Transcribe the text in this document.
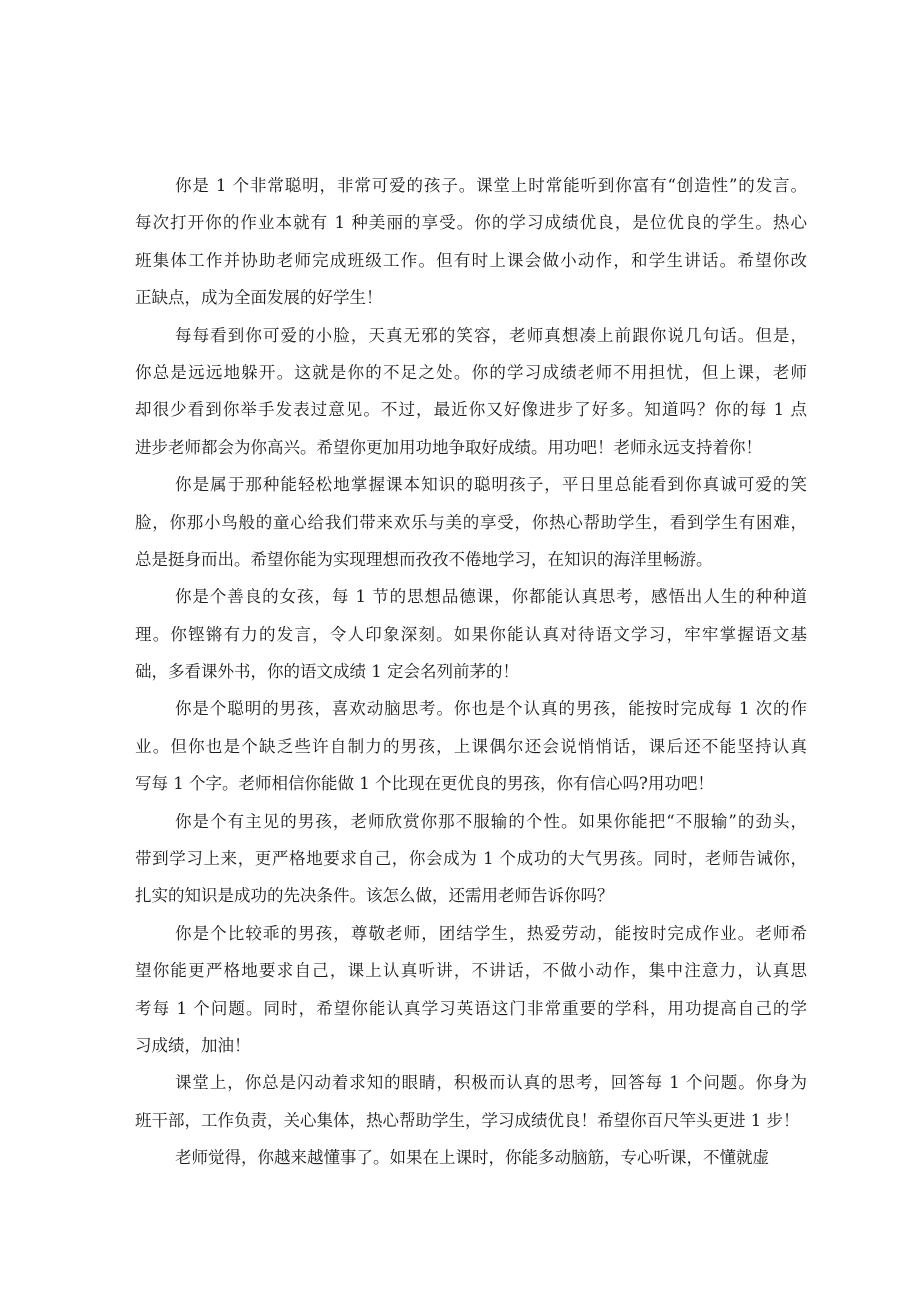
你是 1 个非常聪明，非常可爱的孩子。课堂上时常能听到你富有“创造性”的发言。
每次打开你的作业本就有 1 种美丽的享受。你的学习成绩优良，是位优良的学生。热心
班集体工作并协助老师完成班级工作。但有时上课会做小动作，和学生讲话。希望你改
正缺点，成为全面发展的好学生！
每每看到你可爱的小脸，天真无邪的笑容，老师真想凑上前跟你说几句话。但是，
你总是远远地躲开。这就是你的不足之处。你的学习成绩老师不用担忧，但上课，老师
却很少看到你举手发表过意见。不过，最近你又好像进步了好多。知道吗？你的每 1 点
进步老师都会为你高兴。希望你更加用功地争取好成绩。用功吧！老师永远支持着你！
你是属于那种能轻松地掌握课本知识的聪明孩子，平日里总能看到你真诚可爱的笑
脸，你那小鸟般的童心给我们带来欢乐与美的享受，你热心帮助学生，看到学生有困难，
总是挺身而出。希望你能为实现理想而孜孜不倦地学习，在知识的海洋里畅游。
你是个善良的女孩，每 1 节的思想品德课，你都能认真思考，感悟出人生的种种道
理。你铿锵有力的发言，令人印象深刻。如果你能认真对待语文学习，牢牢掌握语文基
础，多看课外书，你的语文成绩 1 定会名列前茅的！
你是个聪明的男孩，喜欢动脑思考。你也是个认真的男孩，能按时完成每 1 次的作
业。但你也是个缺乏些许自制力的男孩，上课偶尔还会说悄悄话，课后还不能坚持认真
写每 1 个字。老师相信你能做 1 个比现在更优良的男孩，你有信心吗?用功吧！
你是个有主见的男孩，老师欣赏你那不服输的个性。如果你能把“不服输”的劲头，
带到学习上来，更严格地要求自己，你会成为 1 个成功的大气男孩。同时，老师告诫你，
扎实的知识是成功的先决条件。该怎么做，还需用老师告诉你吗？
你是个比较乖的男孩，尊敬老师，团结学生，热爱劳动，能按时完成作业。老师希
望你能更严格地要求自己，课上认真听讲，不讲话，不做小动作，集中注意力，认真思
考每 1 个问题。同时，希望你能认真学习英语这门非常重要的学科，用功提高自己的学
习成绩，加油！
课堂上，你总是闪动着求知的眼睛，积极而认真的思考，回答每 1 个问题。你身为
班干部，工作负责，关心集体，热心帮助学生，学习成绩优良！希望你百尺竿头更进 1 步！
老师觉得，你越来越懂事了。如果在上课时，你能多动脑筋，专心听课，不懂就虚
